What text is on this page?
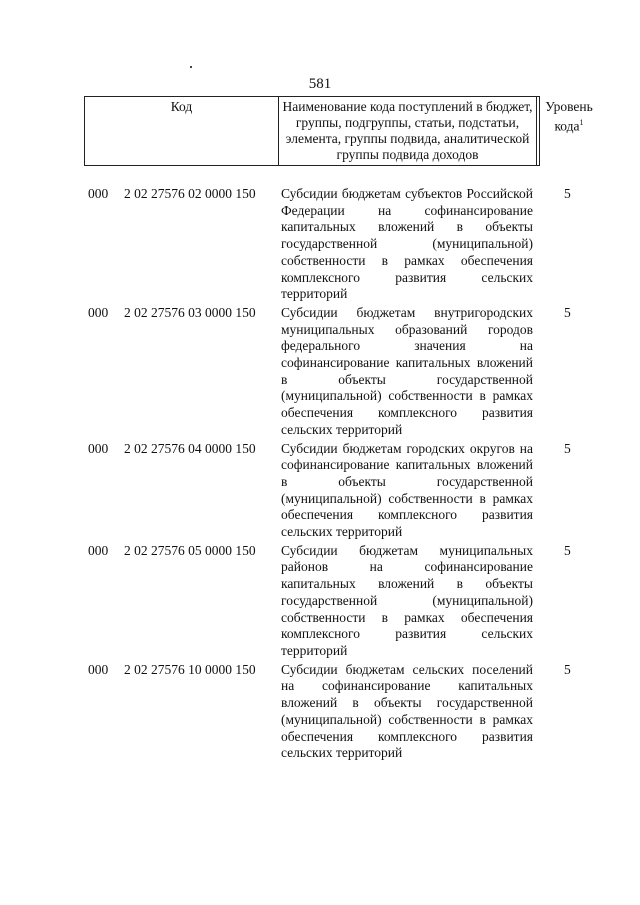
581
Код	Наименование кода поступлений в бюджет, группы, подгруппы, статьи, подстатьи, элемента, группы подвида, аналитической группы подвида доходов
Уровень кода$^1$
000 2 02 27576 02 0000 150 Субсидии бюджетам субъектов Российской Федерации на софинансирование капитальных вложений в объекты государственной (муниципальной) собственности в рамках обеспечения комплексного развития сельских территорий
5
000 2 02 27576 03 0000 150 Субсидии бюджетам внутригородских муниципальных образований городов федерального значения на софинансирование капитальных вложений в объекты государственной (муниципальной) собственности в рамках обеспечения комплексного развития сельских территорий
5
000 2 02 27576 04 0000 150 Субсидии бюджетам городских округов на софинансирование капитальных вложений в объекты государственной (муниципальной) собственности в рамках обеспечения комплексного развития сельских территорий
5
000 2 02 27576 05 0000 150 Субсидии бюджетам муниципальных районов на софинансирование капитальных вложений в объекты государственной (муниципальной) собственности в рамках обеспечения комплексного развития сельских территорий
5
000 2 02 27576 10 0000 150 Субсидии бюджетам сельских поселений на софинансирование капитальных вложений в объекты государственной (муниципальной) собственности в рамках обеспечения комплексного развития сельских территорий
5
